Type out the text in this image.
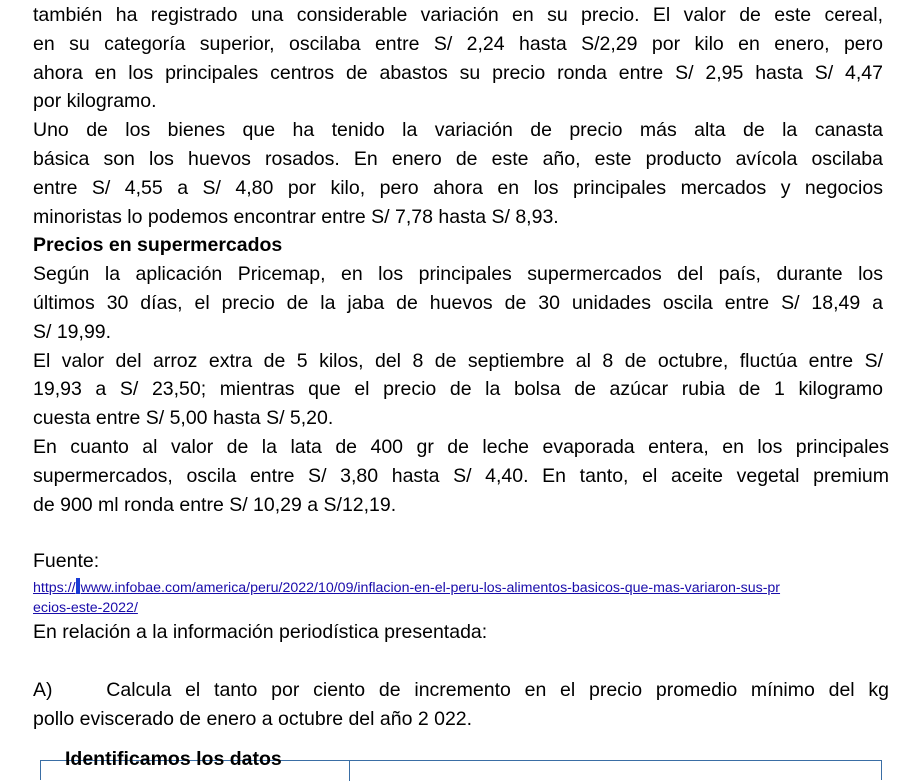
también ha registrado una considerable variación en su precio. El valor de este cereal,
en su categoría superior, oscilaba entre S/ 2,24 hasta S/2,29 por kilo en enero, pero
ahora en los principales centros de abastos su precio ronda entre S/ 2,95 hasta S/ 4,47
por kilogramo.
Uno de los bienes que ha tenido la variación de precio más alta de la canasta
básica son los huevos rosados. En enero de este año, este producto avícola oscilaba
entre S/ 4,55 a S/ 4,80 por kilo, pero ahora en los principales mercados y negocios
minoristas lo podemos encontrar entre S/ 7,78 hasta S/ 8,93.
Precios en supermercados
Según la aplicación Pricemap, en los principales supermercados del país, durante los
últimos 30 días, el precio de la jaba de huevos de 30 unidades oscila entre S/ 18,49 a
S/ 19,99.
El valor del arroz extra de 5 kilos, del 8 de septiembre al 8 de octubre, fluctúa entre S/
19,93 a S/ 23,50; mientras que el precio de la bolsa de azúcar rubia de 1 kilogramo
cuesta entre S/ 5,00 hasta S/ 5,20.
En cuanto al valor de la lata de 400 gr de leche evaporada entera, en los principales
supermercados, oscila entre S/ 3,80 hasta S/ 4,40. En tanto, el aceite vegetal premium
de 900 ml ronda entre S/ 10,29 a S/12,19.
Fuente:
https:// www.infobae.com/america/peru/2022/10/09/inflacion-en-el-peru-los-alimentos-basicos-que-mas-variaron-sus-pr
ecios-este-2022/
En relación a la información periodística presentada:
A)	Calcula el tanto por ciento de incremento en el precio promedio mínimo del kg
pollo eviscerado de enero a octubre del año 2 022.
Identificamos los datos
